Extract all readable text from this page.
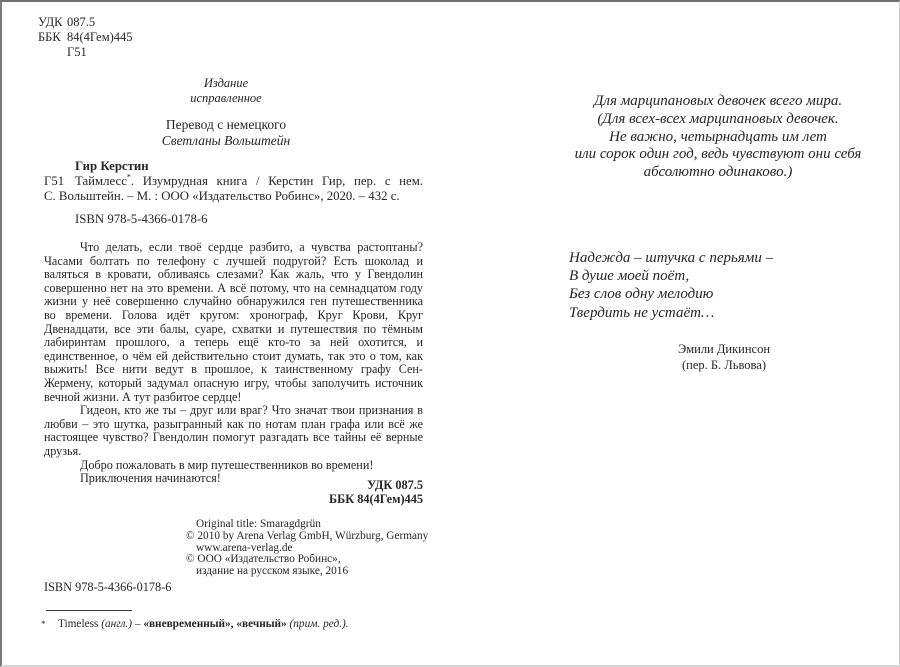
УДК 087.5
ББК 84(4Гем)445
Г51
Издание
исправленное
Перевод с немецкого
Светланы Вольштейн
Гир Керстин
Г51 Таймлесс*. Изумрудная книга / Керстин Гир, пер. с нем.
С. Вольштейн. – М. : ООО «Издательство Робинс», 2020. – 432 с.
ISBN 978-5-4366-0178-6

Что делать, если твоё сердце разбито, а чувства растоптаны? Часами болтать по телефону с лучшей подругой? Есть шоколад и валяться в кровати, обливаясь слезами? Как жаль, что у Гвендолин совершенно нет на это времени. А всё потому, что на семнадцатом году жизни у неё совершенно случайно обнаружился ген путешественника во времени. Голова идёт кругом: хронограф, Круг Крови, Круг Двенадцати, все эти балы, суаре, схватки и путешествия по тёмным лабиринтам прошлого, а теперь ещё кто-то за ней охотится, и единственное, о чём ей действительно стоит думать, так это о том, как выжить! Все нити ведут в прошлое, к таинственному графу Сен-Жермену, который задумал опасную игру, чтобы заполучить источник вечной жизни. А тут разбитое сердце!

Гидеон, кто же ты – друг или враг? Что значат твои признания в любви – это шутка, разыгранный как по нотам план графа или всё же настоящее чувство? Гвендолин помогут разгадать все тайны её верные друзья.

Добро пожаловать в мир путешественников во времени!

Приключения начинаются!	УДК 087.5
ББК 84(4Гем)445
Original title: Smaragdgrün
© 2010 by Arena Verlag GmbH, Würzburg, Germany
www.arena-verlag.de
© ООО «Издательство Робинс»,
издание на русском языке, 2016
ISBN 978-5-4366-0178-6
* Timeless (англ.) – «вневременный», «вечный» (прим. ред.).
Для марципановых девочек всего мира.
(Для всех-всех марципановых девочек.
Не важно, четырнадцать им лет
или сорок один год, ведь чувствуют они себя
абсолютно одинаково.)
Надежда – штучка с перьями –
В душе моей поёт,
Без слов одну мелодию
Твердить не устаёт…
Эмили Дикинсон
(пер. Б. Львова)
